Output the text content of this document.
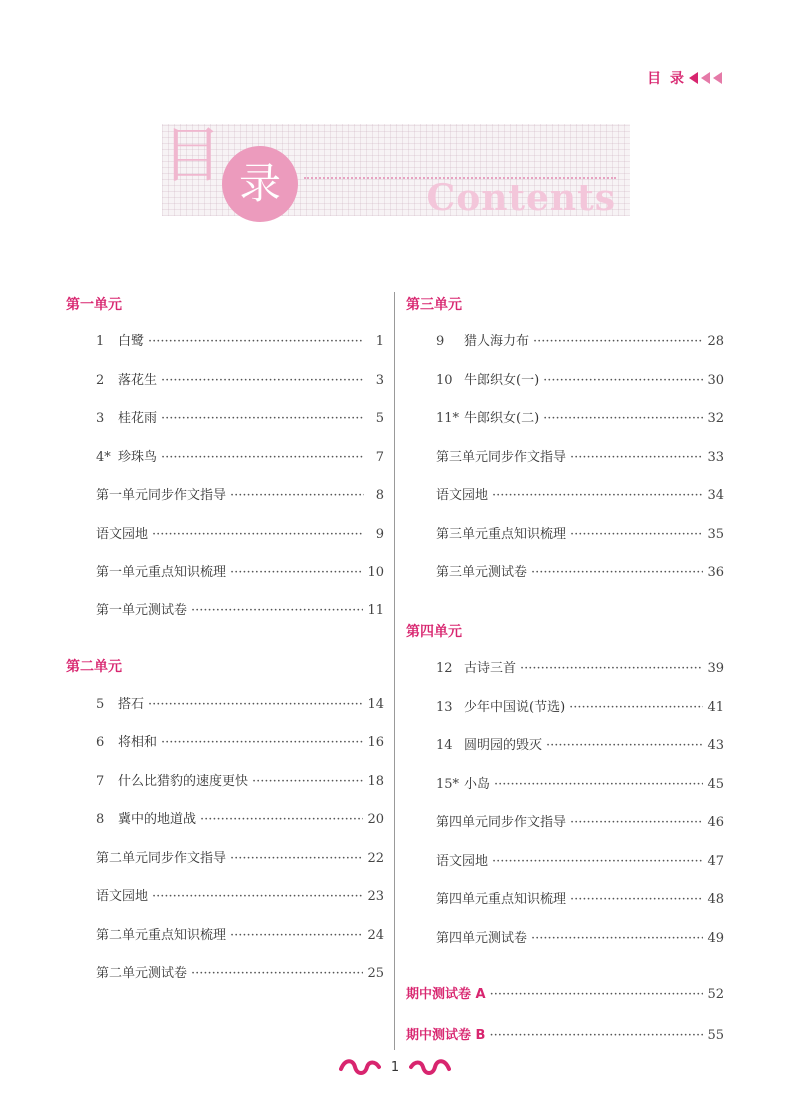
目 录
目 录	Contents
第一单元
1	白鹭 ·····	1
2	落花生 ·····	3
3	桂花雨 ·····	5
4* 珍珠鸟 ·····	7
第一单元同步作文指导 ·····	8
语文园地 ·····	9
第一单元重点知识梳理 ·····	10
第一单元测试卷 ·····	11
第二单元
5	搭石 ·····	14
6	将相和 ·····	16
7	什么比猎豹的速度更快 ·····	18
8	冀中的地道战 ·····	20
第二单元同步作文指导 ·····	22
语文园地 ·····	23
第二单元重点知识梳理 ·····	24
第二单元测试卷 ·····	25
第三单元
9	猎人海力布 ·····	28
10 牛郎织女(一) ·····	30
11* 牛郎织女(二) ·····	32
第三单元同步作文指导 ·····	33
语文园地 ·····	34
第三单元重点知识梳理 ·····	35
第三单元测试卷 ·····	36
第四单元
12 古诗三首 ·····	39
13 少年中国说(节选) ·····	41
14 圆明园的毁灭 ·····	43
15* 小岛 ·····	45
第四单元同步作文指导 ·····	46
语文园地 ·····	47
第四单元重点知识梳理 ·····	48
第四单元测试卷 ·····	49
期中测试卷 A ·····	52
期中测试卷 B ·····	55
1
